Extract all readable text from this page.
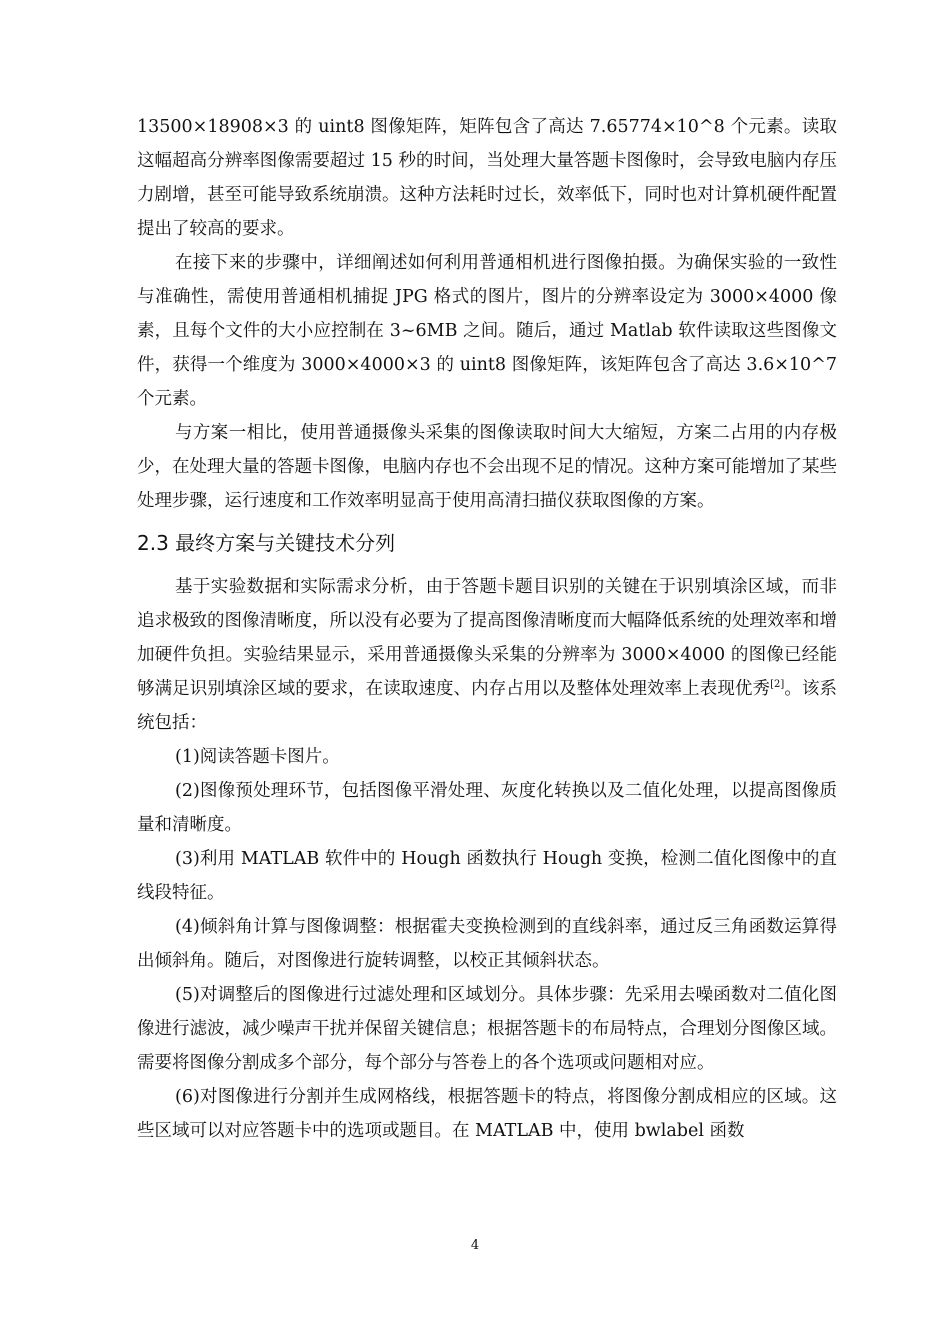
13500×18908×3 的 uint8 图像矩阵，矩阵包含了高达 7.65774×10^8 个元素。读取这幅超高分辨率图像需要超过 15 秒的时间，当处理大量答题卡图像时，会导致电脑内存压力剧增，甚至可能导致系统崩溃。这种方法耗时过长，效率低下，同时也对计算机硬件配置提出了较高的要求。

在接下来的步骤中，详细阐述如何利用普通相机进行图像拍摄。为确保实验的一致性与准确性，需使用普通相机捕捉 JPG 格式的图片，图片的分辨率设定为 3000×4000 像素，且每个文件的大小应控制在 3~6MB 之间。随后，通过 Matlab 软件读取这些图像文件，获得一个维度为 3000×4000×3 的 uint8 图像矩阵，该矩阵包含了高达 3.6×10^7 个元素。

与方案一相比，使用普通摄像头采集的图像读取时间大大缩短，方案二占用的内存极少，在处理大量的答题卡图像，电脑内存也不会出现不足的情况。这种方案可能增加了某些处理步骤，运行速度和工作效率明显高于使用高清扫描仪获取图像的方案。

2.3 最终方案与关键技术分列

基于实验数据和实际需求分析，由于答题卡题目识别的关键在于识别填涂区域，而非追求极致的图像清晰度，所以没有必要为了提高图像清晰度而大幅降低系统的处理效率和增加硬件负担。实验结果显示，采用普通摄像头采集的分辨率为 3000×4000 的图像已经能够满足识别填涂区域的要求，在读取速度、内存占用以及整体处理效率上表现优秀[2]。该系统包括：

(1)阅读答题卡图片。

(2)图像预处理环节，包括图像平滑处理、灰度化转换以及二值化处理，以提高图像质量和清晰度。

(3)利用 MATLAB 软件中的 Hough 函数执行 Hough 变换，检测二值化图像中的直线段特征。

(4)倾斜角计算与图像调整：根据霍夫变换检测到的直线斜率，通过反三角函数运算得出倾斜角。随后，对图像进行旋转调整，以校正其倾斜状态。

(5)对调整后的图像进行过滤处理和区域划分。具体步骤：先采用去噪函数对二值化图像进行滤波，减少噪声干扰并保留关键信息；根据答题卡的布局特点，合理划分图像区域。需要将图像分割成多个部分，每个部分与答卷上的各个选项或问题相对应。

(6)对图像进行分割并生成网格线，根据答题卡的特点，将图像分割成相应的区域。这些区域可以对应答题卡中的选项或题目。在 MATLAB 中，使用 bwlabel 函数

4
